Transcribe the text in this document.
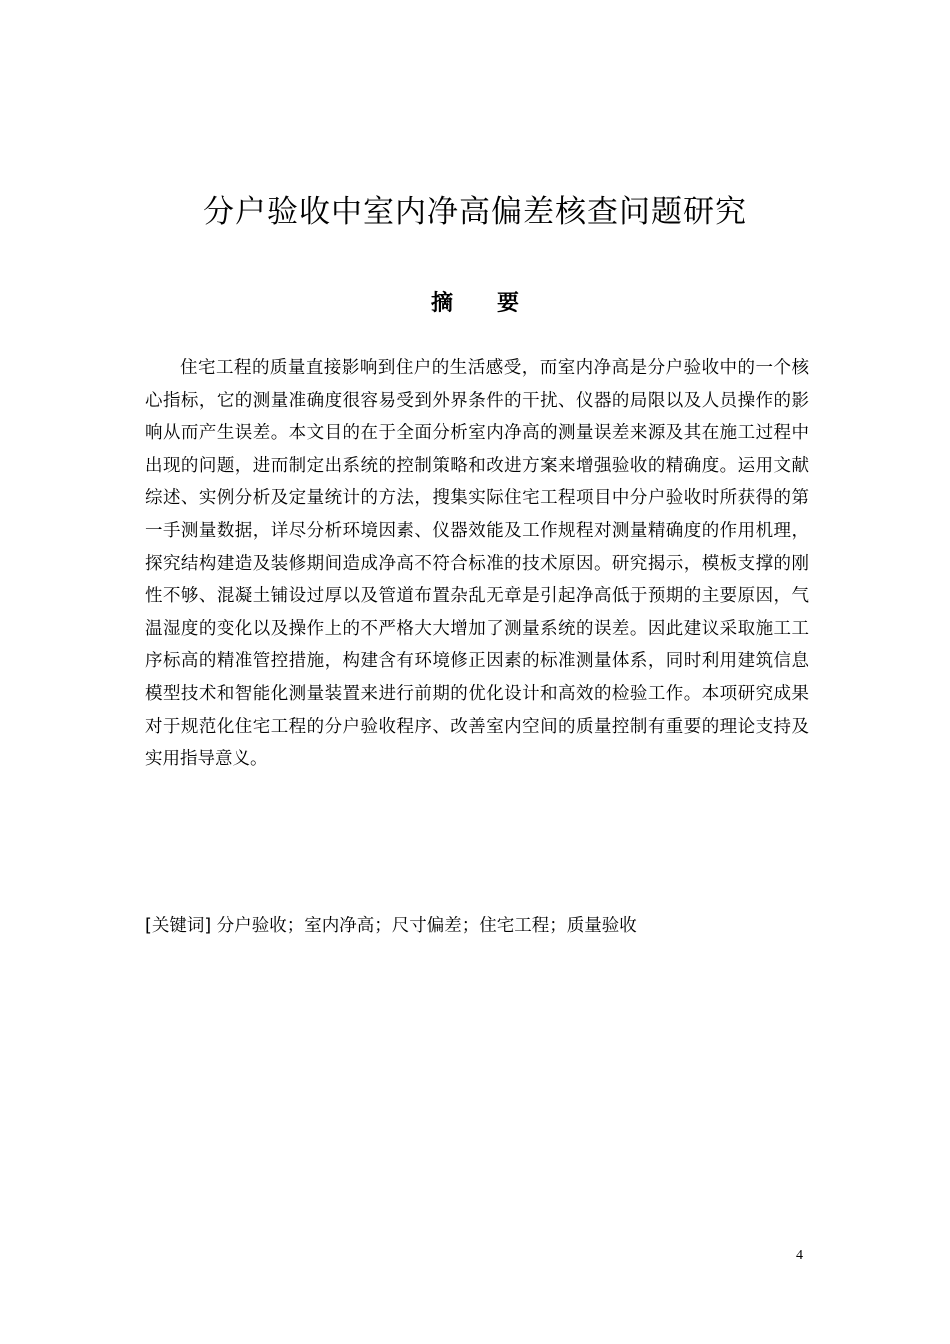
分户验收中室内净高偏差核查问题研究
摘 要

住宅工程的质量直接影响到住户的生活感受，而室内净高是分户验收中的一个核心指标，它的测量准确度很容易受到外界条件的干扰、仪器的局限以及人员操作的影响从而产生误差。本文目的在于全面分析室内净高的测量误差来源及其在施工过程中出现的问题，进而制定出系统的控制策略和改进方案来增强验收的精确度。运用文献综述、实例分析及定量统计的方法，搜集实际住宅工程项目中分户验收时所获得的第一手测量数据，详尽分析环境因素、仪器效能及工作规程对测量精确度的作用机理，探究结构建造及装修期间造成净高不符合标准的技术原因。研究揭示，模板支撑的刚性不够、混凝土铺设过厚以及管道布置杂乱无章是引起净高低于预期的主要原因，气温湿度的变化以及操作上的不严格大大增加了测量系统的误差。因此建议采取施工工序标高的精准管控措施，构建含有环境修正因素的标准测量体系，同时利用建筑信息模型技术和智能化测量装置来进行前期的优化设计和高效的检验工作。本项研究成果对于规范化住宅工程的分户验收程序、改善室内空间的质量控制有重要的理论支持及实用指导意义。

[关键词] 分户验收；室内净高；尺寸偏差；住宅工程；质量验收

4
